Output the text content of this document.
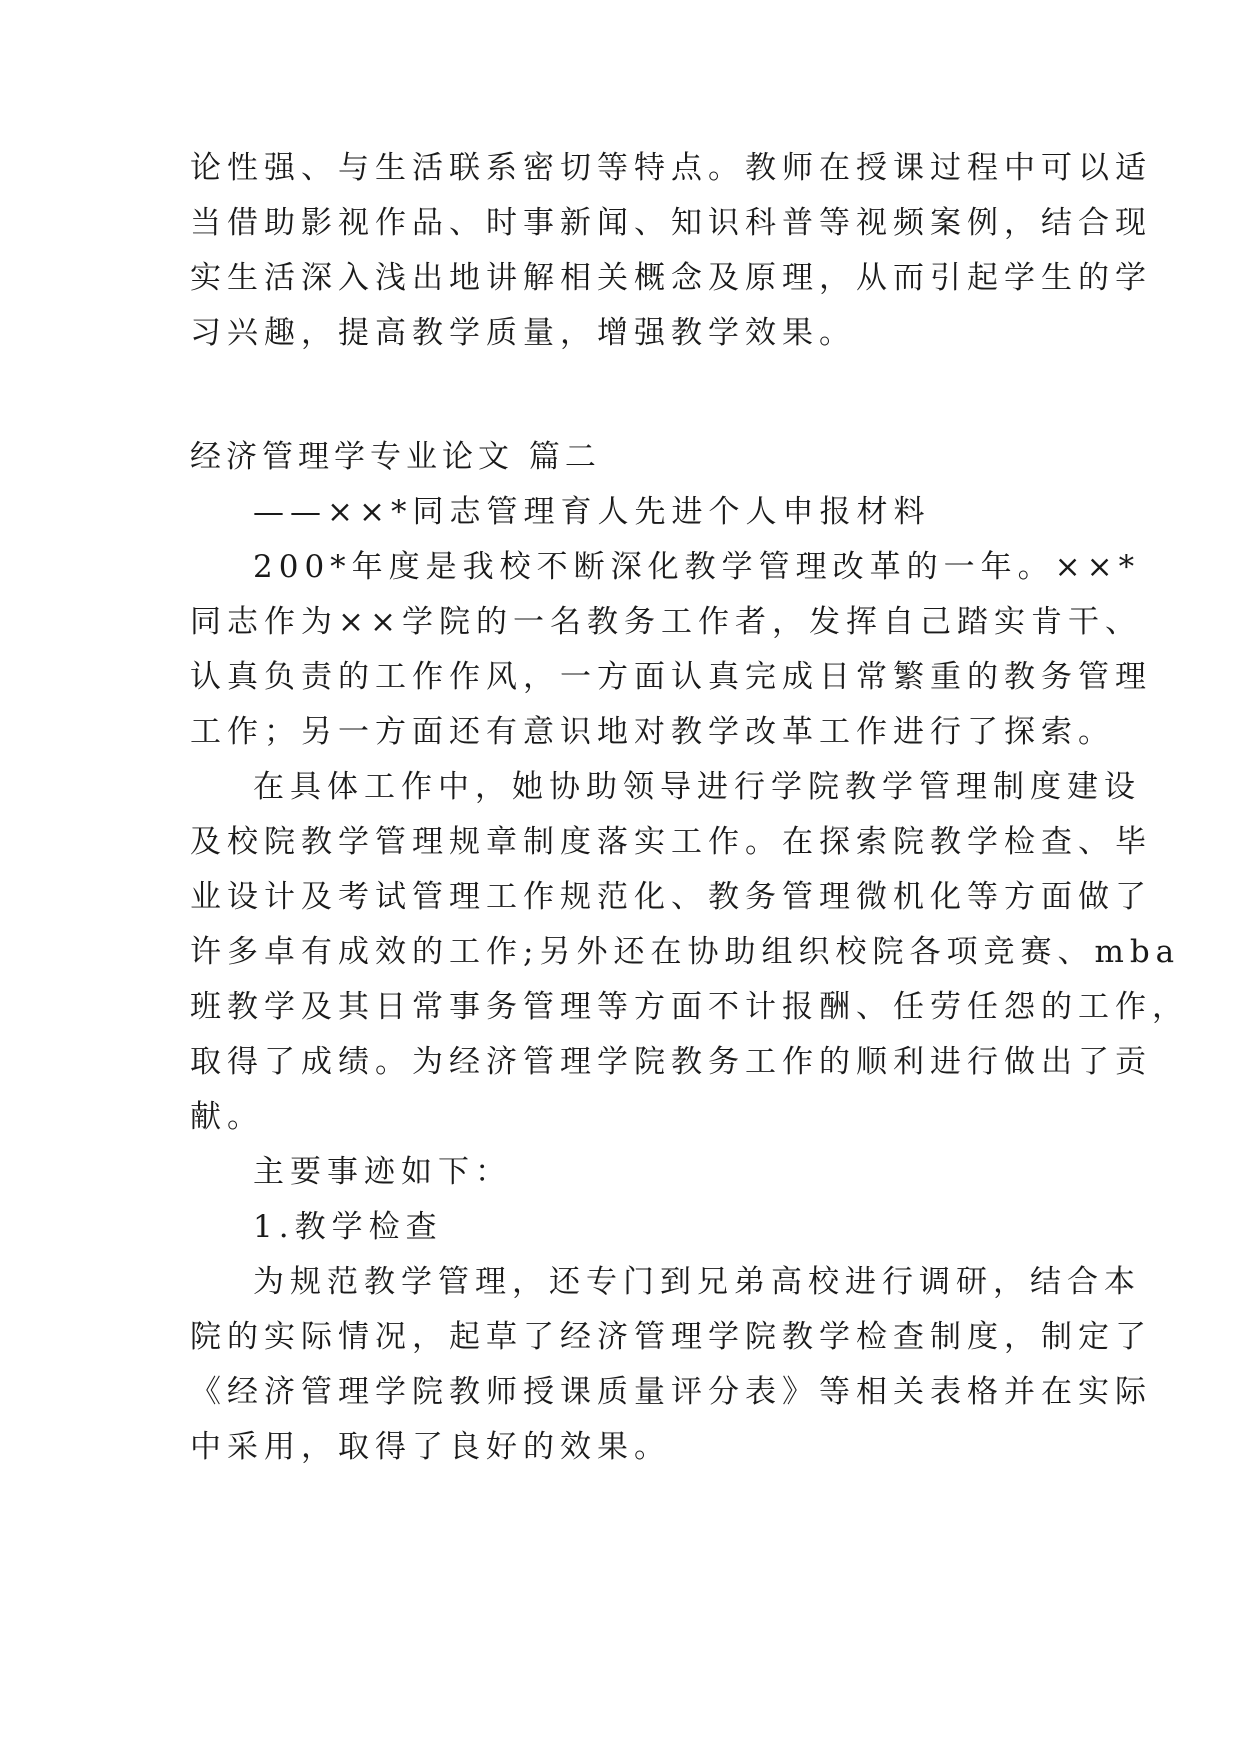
论性强、与生活联系密切等特点。教师在授课过程中可以适
当借助影视作品、时事新闻、知识科普等视频案例，结合现
实生活深入浅出地讲解相关概念及原理，从而引起学生的学
习兴趣，提高教学质量，增强教学效果。
经济管理学专业论文 篇二
——××*同志管理育人先进个人申报材料
200*年度是我校不断深化教学管理改革的一年。××*
同志作为××学院的一名教务工作者，发挥自己踏实肯干、
认真负责的工作作风，一方面认真完成日常繁重的教务管理
工作；另一方面还有意识地对教学改革工作进行了探索。
在具体工作中，她协助领导进行学院教学管理制度建设
及校院教学管理规章制度落实工作。在探索院教学检查、毕
业设计及考试管理工作规范化、教务管理微机化等方面做了
许多卓有成效的工作;另外还在协助组织校院各项竞赛、mba
班教学及其日常事务管理等方面不计报酬、任劳任怨的工作，
取得了成绩。为经济管理学院教务工作的顺利进行做出了贡
献。
主要事迹如下：
1.教学检查
为规范教学管理，还专门到兄弟高校进行调研，结合本
院的实际情况，起草了经济管理学院教学检查制度，制定了
《经济管理学院教师授课质量评分表》等相关表格并在实际
中采用，取得了良好的效果。
